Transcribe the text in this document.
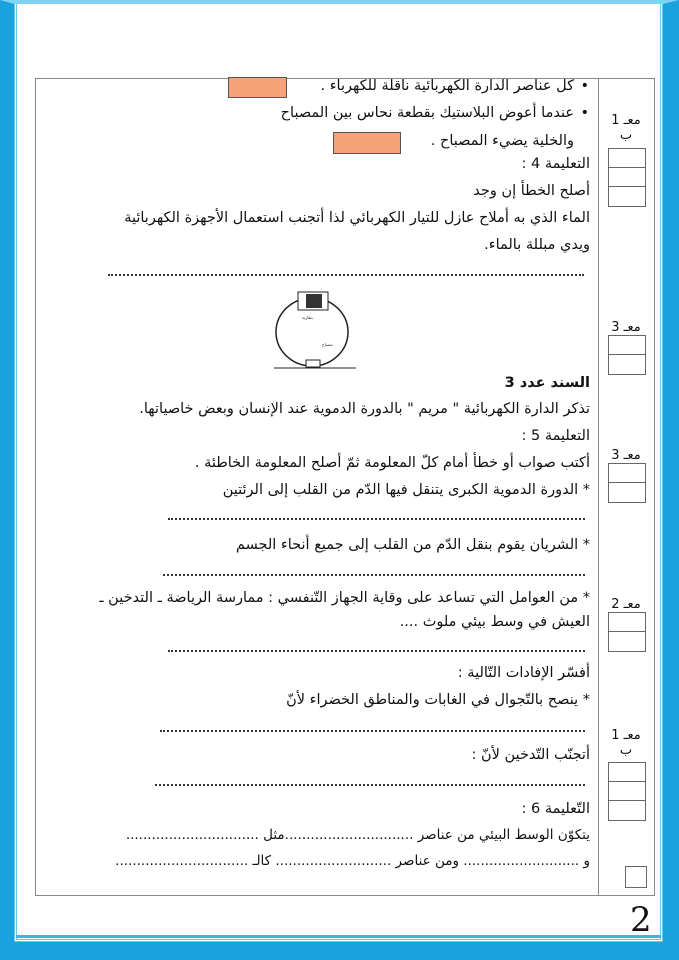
كل عناصر الدارة الكهربائية ناقلة للكهرباء . •
عندما أعوض البلاستيك بقطعة نحاس بين المصباح •
والخلية يضيء المصباح .
التعليمة 4 :
أصلح الخطأ إن وجد
الماء الذي به أملاح عازل للتيار الكهربائي لذا أتجنب استعمال الأجهزة الكهربائية
ويدي مبللة بالماء.
بطارية
مصباح
السند عدد 3
تذكر الدارة الكهربائية " مريم " بالدورة الدموية عند الإنسان وبعض خاصياتها.
التعليمة 5 :
أكتب صواب أو خطأ أمام كلّ المعلومة ثمّ أصلح المعلومة الخاطئة .
* الدورة الدموية الكبرى يتنقل فيها الدّم من القلب إلى الرئتين
* الشريان يقوم بنقل الدّم من القلب إلى جميع أنحاء الجسم
* من العوامل التي تساعد على وقاية الجهاز التّنفسي : ممارسة الرياضة ـ التدخين ـ
العيش في وسط بيئي ملوث ....
أفسّر الإفادات التّالية :
* ينصح بالتّجوال في الغابات والمناطق الخضراء لأنّ
أتجنّب التّدخين لأنّ :
التّعليمة 6 :
يتكوّن الوسط البيئي من عناصر ..............................مثل ...............................
و ........................... ومن عناصر ........................... كالـ ...............................
معـ 1
ب
معـ 3
معـ 3
معـ 2
معـ 1
ب
2
